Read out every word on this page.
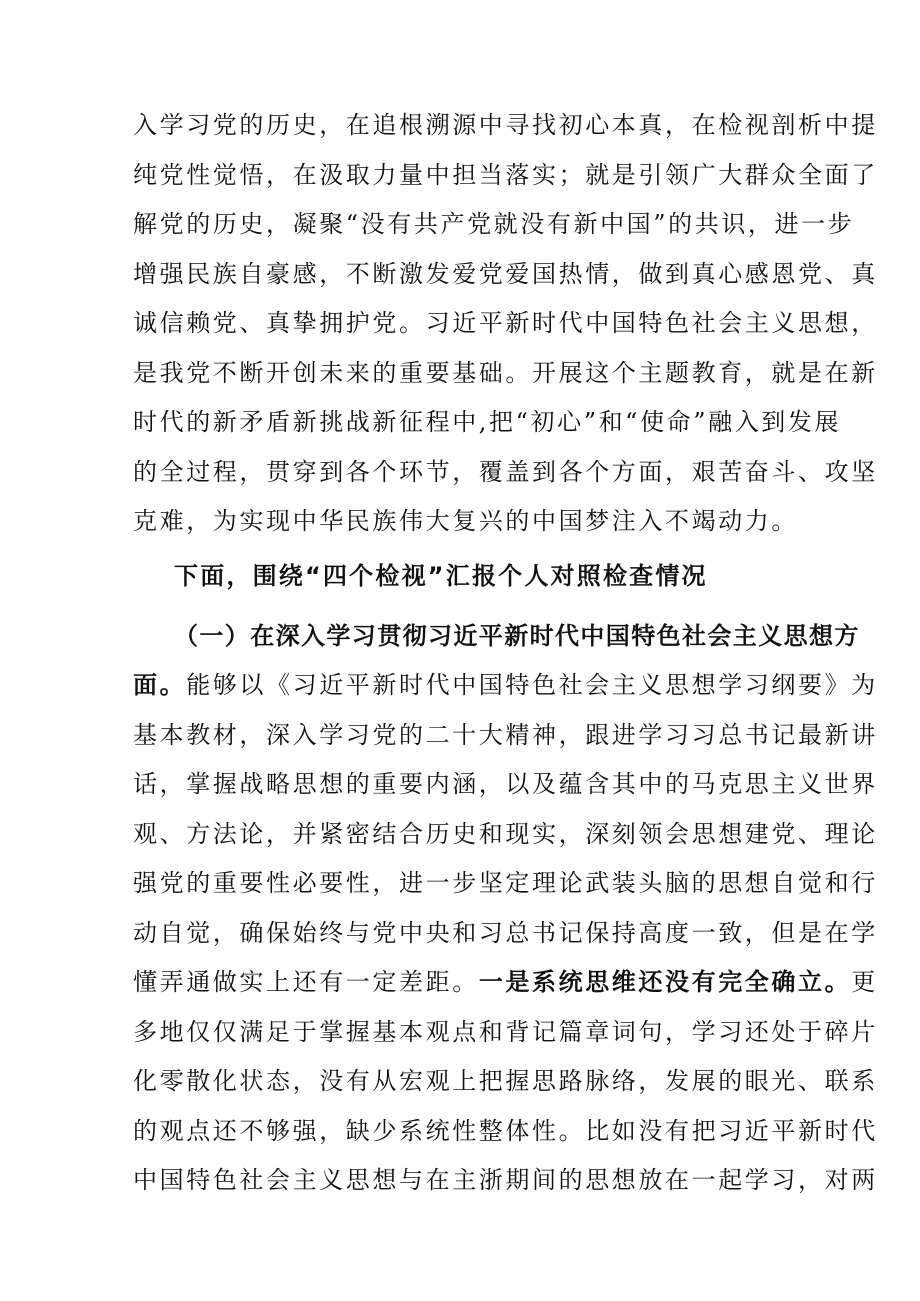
入学习党的历史，在追根溯源中寻找初心本真，在检视剖析中提
纯党性觉悟，在汲取力量中担当落实；就是引领广大群众全面了
解党的历史，凝聚“没有共产党就没有新中国”的共识，进一步
增强民族自豪感，不断激发爱党爱国热情，做到真心感恩党、真
诚信赖党、真挚拥护党。习近平新时代中国特色社会主义思想，
是我党不断开创未来的重要基础。开展这个主题教育，就是在新
时代的新矛盾新挑战新征程中,把“初心”和“使命”融入到发展
的全过程，贯穿到各个环节，覆盖到各个方面，艰苦奋斗、攻坚
克难，为实现中华民族伟大复兴的中国梦注入不竭动力。
下面，围绕“四个检视”汇报个人对照检查情况
（一）在深入学习贯彻习近平新时代中国特色社会主义思想方
面。能够以《习近平新时代中国特色社会主义思想学习纲要》为
基本教材，深入学习党的二十大精神，跟进学习习总书记最新讲
话，掌握战略思想的重要内涵，以及蕴含其中的马克思主义世界
观、方法论，并紧密结合历史和现实，深刻领会思想建党、理论
强党的重要性必要性，进一步坚定理论武装头脑的思想自觉和行
动自觉，确保始终与党中央和习总书记保持高度一致，但是在学
懂弄通做实上还有一定差距。一是系统思维还没有完全确立。更
多地仅仅满足于掌握基本观点和背记篇章词句，学习还处于碎片
化零散化状态，没有从宏观上把握思路脉络，发展的眼光、联系
的观点还不够强，缺少系统性整体性。比如没有把习近平新时代
中国特色社会主义思想与在主浙期间的思想放在一起学习，对两
